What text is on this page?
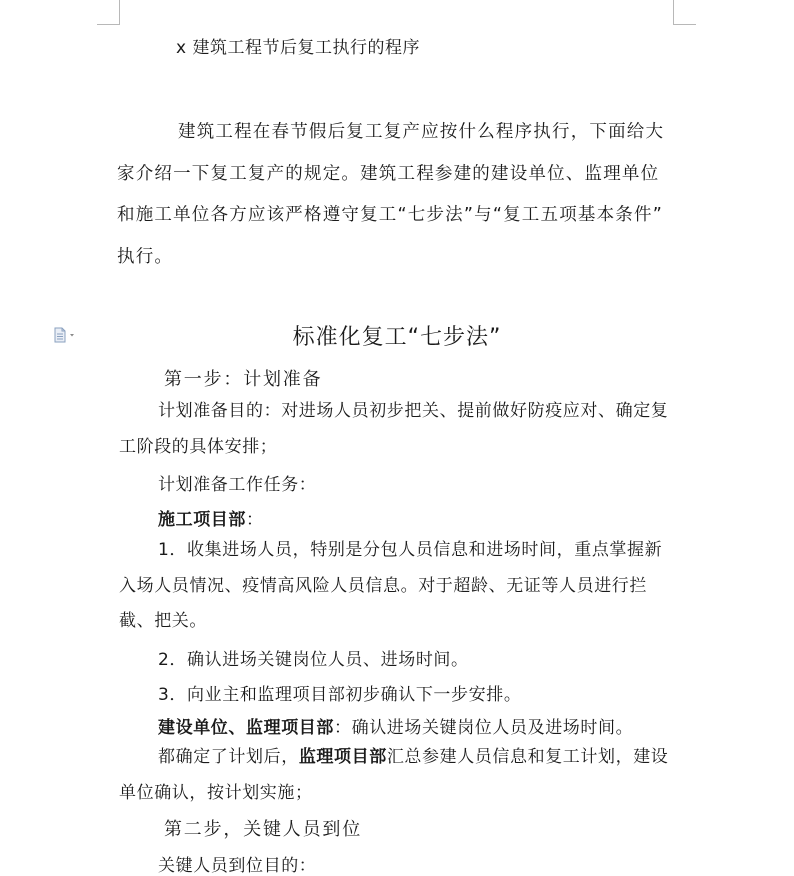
x 建筑工程节后复工执行的程序

建筑工程在春节假后复工复产应按什么程序执行，下面给大家介绍一下复工复产的规定。建筑工程参建的建设单位、监理单位和施工单位各方应该严格遵守复工“七步法”与“复工五项基本条件” 执行。

标准化复工“七步法”
第一步：计划准备

计划准备目的：对进场人员初步把关、提前做好防疫应对、确定复工阶段的具体安排；

计划准备工作任务：
施工项目部：

1．收集进场人员，特别是分包人员信息和进场时间，重点掌握新入场人员情况、疫情高风险人员信息。对于超龄、无证等人员进行拦截、把关。

2．确认进场关键岗位人员、进场时间。
3．向业主和监理项目部初步确认下一步安排。
建设单位、监理项目部：确认进场关键岗位人员及进场时间。

都确定了计划后，监理项目部汇总参建人员信息和复工计划，建设单位确认，按计划实施；

第二步，关键人员到位
关键人员到位目的：
